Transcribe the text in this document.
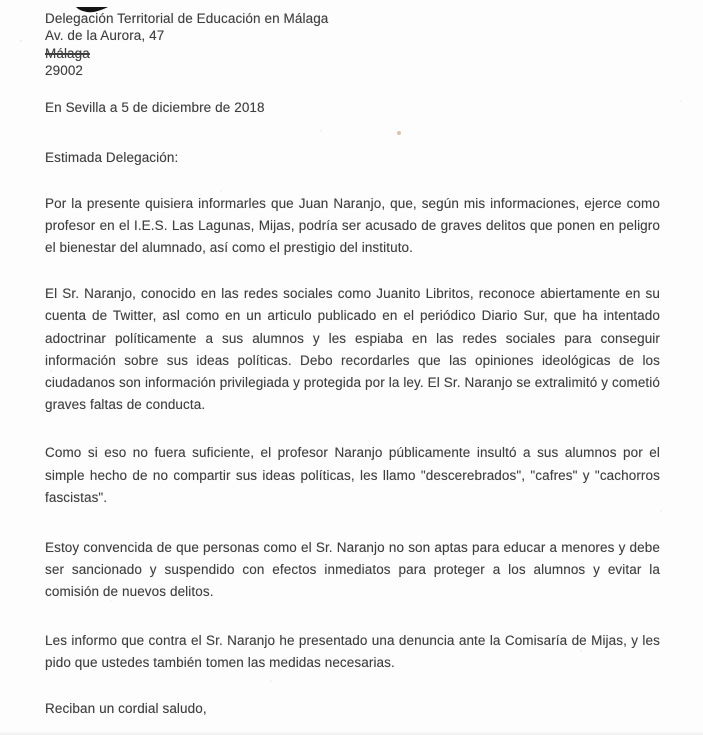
Delegación Territorial de Educación en Málaga
Av. de la Aurora, 47
Málaga
29002
En Sevilla a 5 de diciembre de 2018
Estimada Delegación:

Por la presente quisiera informarles que Juan Naranjo, que, según mis informaciones, ejerce como profesor en el I.E.S. Las Lagunas, Mijas, podría ser acusado de graves delitos que ponen en peligro el bienestar del alumnado, así como el prestigio del instituto.

El Sr. Naranjo, conocido en las redes sociales como Juanito Libritos, reconoce abiertamente en su cuenta de Twitter, asl como en un articulo publicado en el periódico Diario Sur, que ha intentado adoctrinar políticamente a sus alumnos y les espiaba en las redes sociales para conseguir información sobre sus ideas políticas. Debo recordarles que las opiniones ideológicas de los ciudadanos son información privilegiada y protegida por la ley. El Sr. Naranjo se extralimitó y cometió graves faltas de conducta.

Como si eso no fuera suficiente, el profesor Naranjo públicamente insultó a sus alumnos por el simple hecho de no compartir sus ideas políticas, les llamo "descerebrados", "cafres" y "cachorros fascistas".

Estoy convencida de que personas como el Sr. Naranjo no son aptas para educar a menores y debe ser sancionado y suspendido con efectos inmediatos para proteger a los alumnos y evitar la comisión de nuevos delitos.

Les informo que contra el Sr. Naranjo he presentado una denuncia ante la Comisaría de Mijas, y les pido que ustedes también tomen las medidas necesarias.

Reciban un cordial saludo,
